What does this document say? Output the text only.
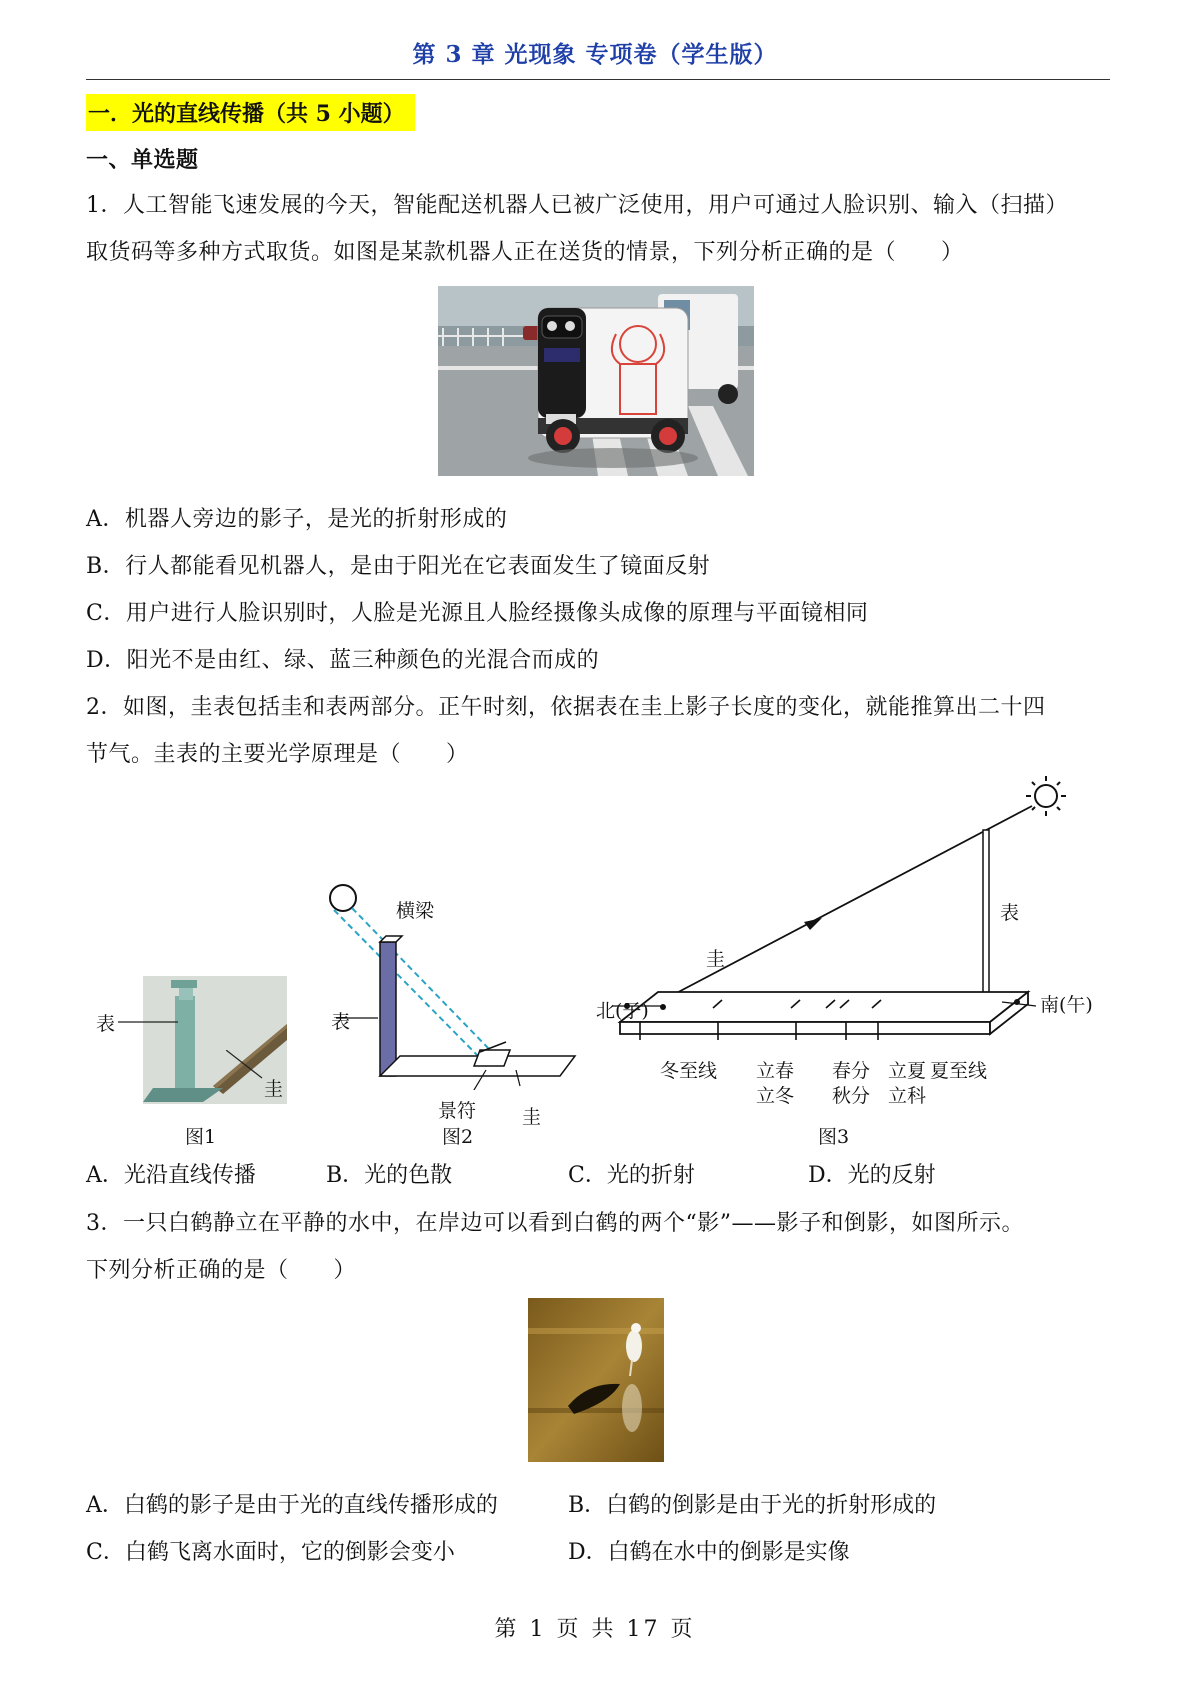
第 3 章 光现象 专项卷（学生版）
一．光的直线传播（共 5 小题）
一、单选题
1．人工智能飞速发展的今天，智能配送机器人已被广泛使用，用户可通过人脸识别、输入（扫描）
取货码等多种方式取货。如图是某款机器人正在送货的情景，下列分析正确的是（　　）
A．机器人旁边的影子，是光的折射形成的
B．行人都能看见机器人，是由于阳光在它表面发生了镜面反射
C．用户进行人脸识别时，人脸是光源且人脸经摄像头成像的原理与平面镜相同
D．阳光不是由红、绿、蓝三种颜色的光混合而成的
2．如图，圭表包括圭和表两部分。正午时刻，依据表在圭上影子长度的变化，就能推算出二十四
节气。圭表的主要光学原理是（　　）
表
圭
图1
横梁
表
景符 圭
图2
表
圭
北(子)	南(午)
冬至线 立春
立冬
春分
秋分
立夏
立科
夏至线
图3
A．光沿直线传播	B．光的色散	C．光的折射	D．光的反射
3．一只白鹤静立在平静的水中，在岸边可以看到白鹤的两个“影”——影子和倒影，如图所示。
下列分析正确的是（　　）
A．白鹤的影子是由于光的直线传播形成的	B．白鹤的倒影是由于光的折射形成的
C．白鹤飞离水面时，它的倒影会变小	D．白鹤在水中的倒影是实像
第 1 页 共 17 页
